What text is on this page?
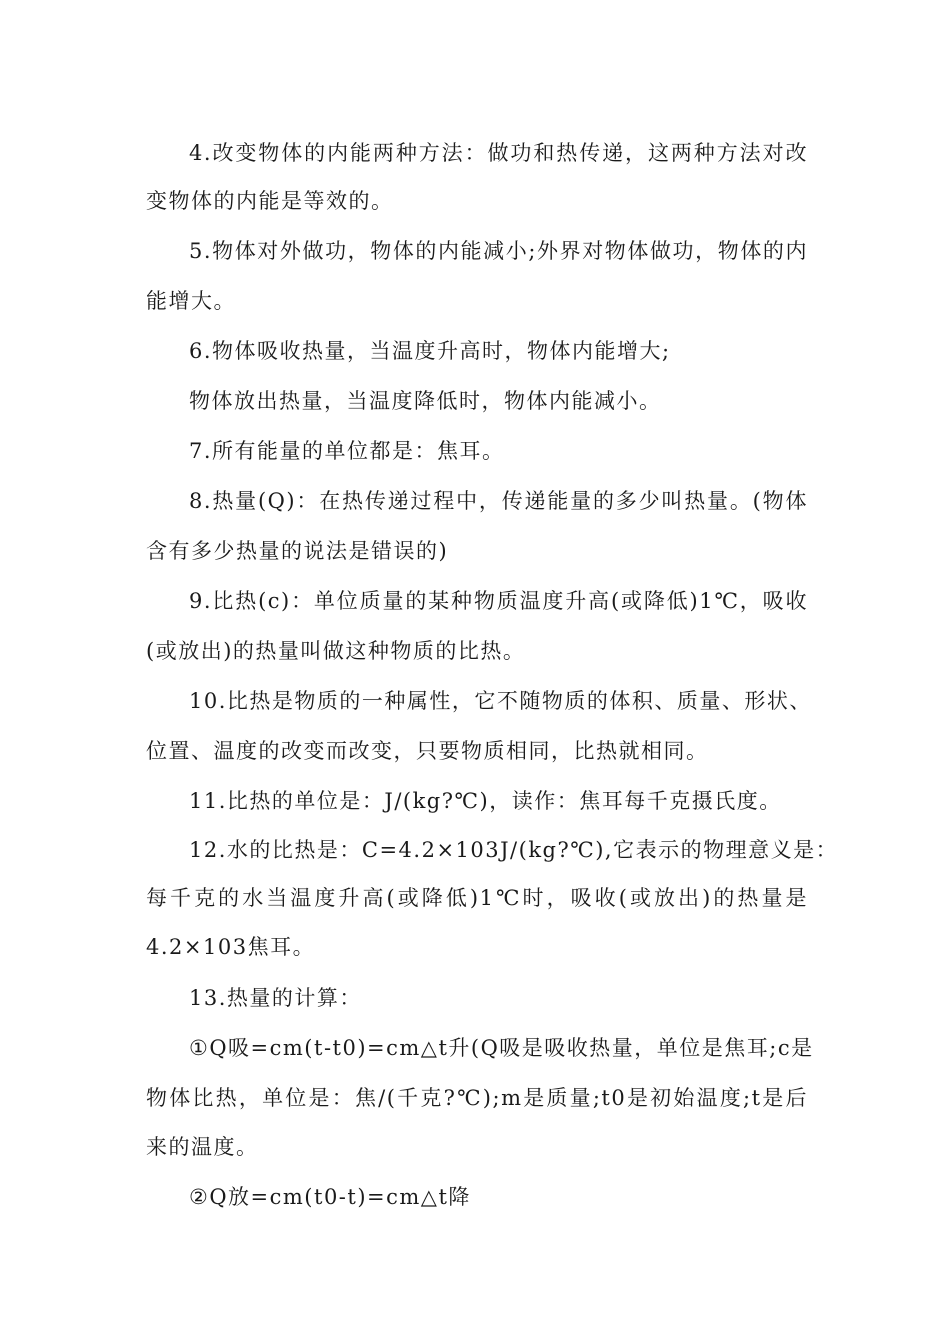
4.改变物体的内能两种方法：做功和热传递，这两种方法对改
变物体的内能是等效的。
5.物体对外做功，物体的内能减小;外界对物体做功，物体的内
能增大。
6.物体吸收热量，当温度升高时，物体内能增大;
物体放出热量，当温度降低时，物体内能减小。
7.所有能量的单位都是：焦耳。
8.热量(Q)：在热传递过程中，传递能量的多少叫热量。(物体
含有多少热量的说法是错误的)
9.比热(c)：单位质量的某种物质温度升高(或降低)1℃，吸收
(或放出)的热量叫做这种物质的比热。
10.比热是物质的一种属性，它不随物质的体积、质量、形状、
位置、温度的改变而改变，只要物质相同，比热就相同。
11.比热的单位是：J/(kg?℃)，读作：焦耳每千克摄氏度。
12.水的比热是：C=4.2×103J/(kg?℃),它表示的物理意义是：
每千克的水当温度升高(或降低)1℃时，吸收(或放出)的热量是
4.2×103焦耳。
13.热量的计算：
①Q吸=cm(t-t0)=cm△t升(Q吸是吸收热量，单位是焦耳;c是
物体比热，单位是：焦/(千克?℃);m是质量;t0是初始温度;t是后
来的温度。
②Q放=cm(t0-t)=cm△t降
